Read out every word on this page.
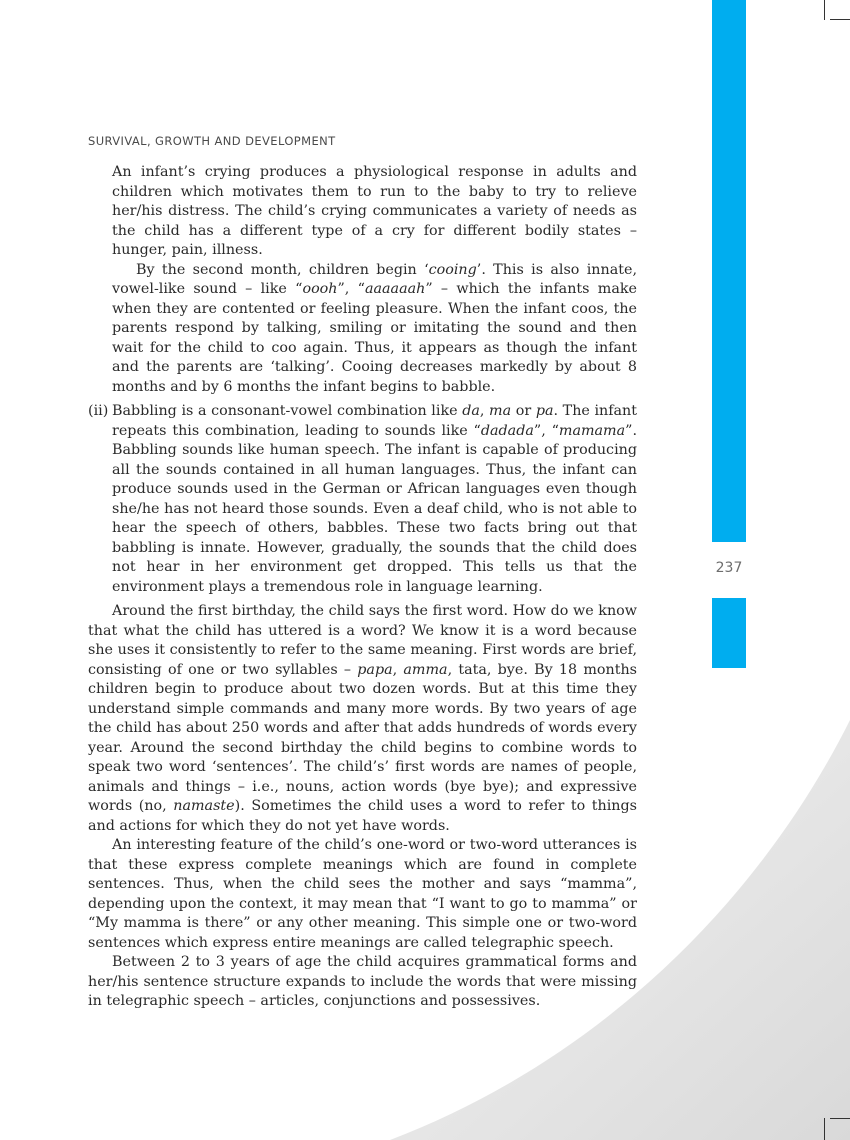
237
SURVIVAL, GROWTH AND DEVELOPMENT

An infant’s crying produces a physiological response in adults and children which motivates them to run to the baby to try to relieve her/his distress. The child’s crying communicates a variety of needs as the child has a different type of a cry for different bodily states – hunger, pain, illness.

By the second month, children begin ‘cooing’. This is also innate, vowel-like sound – like “oooh”, “aaaaaah” – which the infants make when they are contented or feeling pleasure. When the infant coos, the parents respond by talking, smiling or imitating the sound and then wait for the child to coo again. Thus, it appears as though the infant and the parents are ‘talking’. Cooing decreases markedly by about 8 months and by 6 months the infant begins to babble.

(ii) Babbling is a consonant-vowel combination like da, ma or pa. The infant repeats this combination, leading to sounds like “dadada”, “mamama”. Babbling sounds like human speech. The infant is capable of producing all the sounds contained in all human languages. Thus, the infant can produce sounds used in the German or African languages even though she/he has not heard those sounds. Even a deaf child, who is not able to hear the speech of others, babbles. These two facts bring out that babbling is innate. However, gradually, the sounds that the child does not hear in her environment get dropped. This tells us that the environment plays a tremendous role in language learning.

Around the first birthday, the child says the first word. How do we know that what the child has uttered is a word? We know it is a word because she uses it consistently to refer to the same meaning. First words are brief, consisting of one or two syllables – papa, amma, tata, bye. By 18 months children begin to produce about two dozen words. But at this time they understand simple commands and many more words. By two years of age the child has about 250 words and after that adds hundreds of words every year. Around the second birthday the child begins to combine words to speak two word ‘sentences’. The child’s’ first words are names of people, animals and things – i.e., nouns, action words (bye bye); and expressive words (no, namaste). Sometimes the child uses a word to refer to things and actions for which they do not yet have words.

An interesting feature of the child’s one-word or two-word utterances is that these express complete meanings which are found in complete sentences. Thus, when the child sees the mother and says “mamma”, depending upon the context, it may mean that “I want to go to mamma” or “My mamma is there” or any other meaning. This simple one or two-word sentences which express entire meanings are called telegraphic speech.

Between 2 to 3 years of age the child acquires grammatical forms and her/his sentence structure expands to include the words that were missing in telegraphic speech – articles, conjunctions and possessives.
